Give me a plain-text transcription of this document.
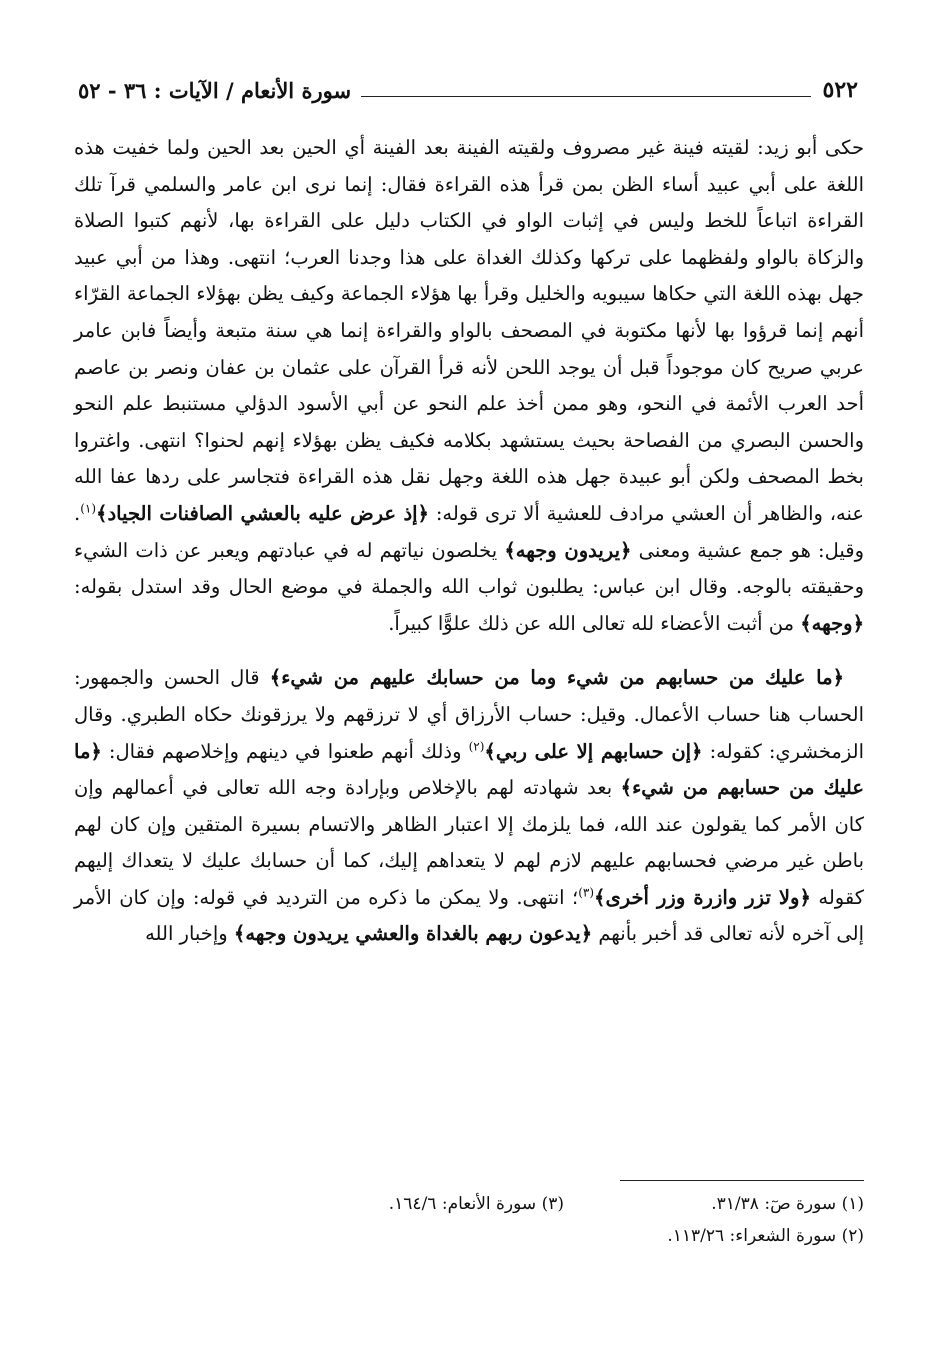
٥٢٢
سورة الأنعام / الآيات : ٣٦ - ٥٢

حكى أبو زيد: لقيته فينة غير مصروف ولقيته الفينة بعد الفينة أي الحين بعد الحين ولما خفيت هذه اللغة على أبي عبيد أساء الظن بمن قرأ هذه القراءة فقال: إنما نرى ابن عامر والسلمي قرآ تلك القراءة اتباعاً للخط وليس في إثبات الواو في الكتاب دليل على القراءة بها، لأنهم كتبوا الصلاة والزكاة بالواو ولفظهما على تركها وكذلك الغداة على هذا وجدنا العرب؛ انتهى. وهذا من أبي عبيد جهل بهذه اللغة التي حكاها سيبويه والخليل وقرأ بها هؤلاء الجماعة وكيف يظن بهؤلاء الجماعة القرّاء أنهم إنما قرؤوا بها لأنها مكتوبة في المصحف بالواو والقراءة إنما هي سنة متبعة وأيضاً فابن عامر عربي صريح كان موجوداً قبل أن يوجد اللحن لأنه قرأ القرآن على عثمان بن عفان ونصر بن عاصم أحد العرب الأئمة في النحو، وهو ممن أخذ علم النحو عن أبي الأسود الدؤلي مستنبط علم النحو والحسن البصري من الفصاحة بحيث يستشهد بكلامه فكيف يظن بهؤلاء إنهم لحنوا؟ انتهى. واغتروا بخط المصحف ولكن أبو عبيدة جهل هذه اللغة وجهل نقل هذه القراءة فتجاسر على ردها عفا الله عنه، والظاهر أن العشي مرادف للعشية ألا ترى قوله: ﴿إذ عرض عليه بالعشي الصافنات الجياد﴾$^{(١)}$. وقيل: هو جمع عشية ومعنى ﴿يريدون وجهه﴾ يخلصون نياتهم له في عبادتهم ويعبر عن ذات الشيء وحقيقته بالوجه. وقال ابن عباس: يطلبون ثواب الله والجملة في موضع الحال وقد استدل بقوله: ﴿وجهه﴾ من أثبت الأعضاء لله تعالى الله عن ذلك علوًّا كبيراً.

﴿ما عليك من حسابهم من شيء وما من حسابك عليهم من شيء﴾ قال الحسن والجمهور: الحساب هنا حساب الأعمال. وقيل: حساب الأرزاق أي لا ترزقهم ولا يرزقونك حكاه الطبري. وقال الزمخشري: كقوله: ﴿إن حسابهم إلا على ربي﴾$^{(٢)}$ وذلك أنهم طعنوا في دينهم وإخلاصهم فقال: ﴿ما عليك من حسابهم من شيء﴾ بعد شهادته لهم بالإخلاص وبإرادة وجه الله تعالى في أعمالهم وإن كان الأمر كما يقولون عند الله، فما يلزمك إلا اعتبار الظاهر والاتسام بسيرة المتقين وإن كان لهم باطن غير مرضي فحسابهم عليهم لازم لهم لا يتعداهم إليك، كما أن حسابك عليك لا يتعداك إليهم كقوله ﴿ولا تزر وازرة وزر أخرى﴾$^{(٣)}$؛ انتهى. ولا يمكن ما ذكره من الترديد في قوله: وإن كان الأمر إلى آخره لأنه تعالى قد أخبر بأنهم ﴿يدعون ربهم بالغداة والعشي يريدون وجهه﴾ وإخبار الله

(١) سورة صٓ: ٣١/٣٨.
(٣) سورة الأنعام: ١٦٤/٦.
(٢) سورة الشعراء: ١١٣/٢٦.
